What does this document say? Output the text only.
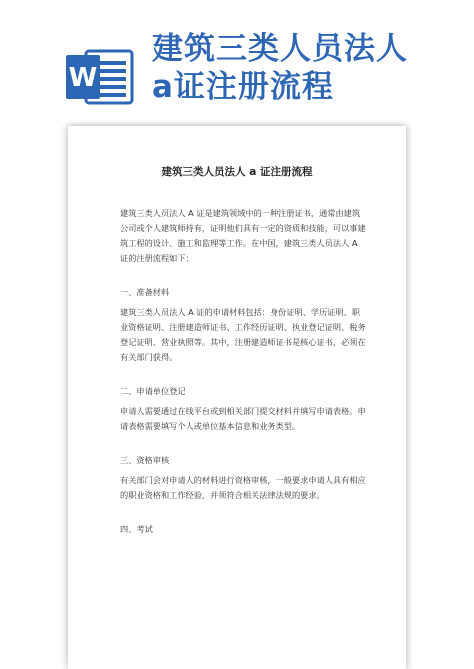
W
建筑三类人员法人
a证注册流程
建筑三类人员法人 a 证注册流程

建筑三类人员法人 A 证是建筑领域中的一种注册证书，通常由建筑公司或个人建筑师持有，证明他们具有一定的资质和技能，可以事建筑工程的设计、施工和监理等工作。在中国，建筑三类人员法人 A 证的注册流程如下：

一、准备材料

建筑三类人员法人 A 证的申请材料包括：身份证明、学历证明、职业资格证明、注册建造师证书、工作经历证明、执业登记证明、税务登记证明、营业执照等。其中，注册建造师证书是核心证书，必须在有关部门获得。

二、申请单位登记

申请人需要通过在线平台或到相关部门提交材料并填写申请表格。申请表格需要填写个人或单位基本信息和业务类型。

三、资格审核

有关部门会对申请人的材料进行资格审核，一般要求申请人具有相应的职业资格和工作经验，并须符合相关法律法规的要求。

四、考试
